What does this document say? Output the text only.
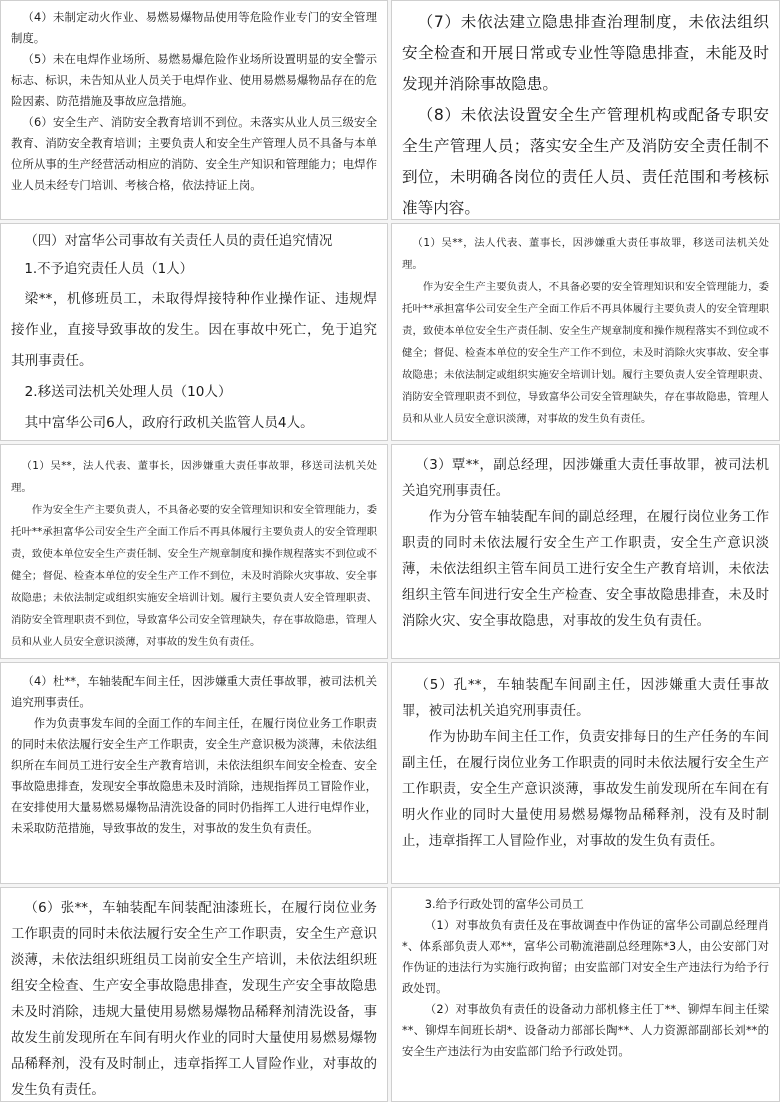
（4）未制定动火作业、易燃易爆物品使用等危险作业专门的安全管理制度。

（5）未在电焊作业场所、易燃易爆危险作业场所设置明显的安全警示标志、标识，未告知从业人员关于电焊作业、使用易燃易爆物品存在的危险因素、防范措施及事故应急措施。

（6）安全生产、消防安全教育培训不到位。未落实从业人员三级安全教育、消防安全教育培训；主要负责人和安全生产管理人员不具备与本单位所从事的生产经营活动相应的消防、安全生产知识和管理能力；电焊作业人员未经专门培训、考核合格，依法持证上岗。

（7）未依法建立隐患排查治理制度，未依法组织安全检查和开展日常或专业性等隐患排查，未能及时发现并消除事故隐患。

（8）未依法设置安全生产管理机构或配备专职安全生产管理人员；落实安全生产及消防安全责任制不到位，未明确各岗位的责任人员、责任范围和考核标准等内容。

（四）对富华公司事故有关责任人员的责任追究情况

1.不予追究责任人员（1人）

梁**，机修班员工，未取得焊接特种作业操作证、违规焊接作业，直接导致事故的发生。因在事故中死亡，免于追究其刑事责任。

2.移送司法机关处理人员（10人）

其中富华公司6人，政府行政机关监管人员4人。

（1）吴**，法人代表、董事长，因涉嫌重大责任事故罪，移送司法机关处理。

作为安全生产主要负责人，不具备必要的安全管理知识和安全管理能力，委托叶**承担富华公司安全生产全面工作后不再具体履行主要负责人的安全管理职责，致使本单位安全生产责任制、安全生产规章制度和操作规程落实不到位或不健全；督促、检查本单位的安全生产工作不到位，未及时消除火灾事故、安全事故隐患；未依法制定或组织实施安全培训计划。履行主要负责人安全管理职责、消防安全管理职责不到位，导致富华公司安全管理缺失，存在事故隐患，管理人员和从业人员安全意识淡薄，对事故的发生负有责任。

（1）吴**，法人代表、董事长，因涉嫌重大责任事故罪，移送司法机关处理。

作为安全生产主要负责人，不具备必要的安全管理知识和安全管理能力，委托叶**承担富华公司安全生产全面工作后不再具体履行主要负责人的安全管理职责，致使本单位安全生产责任制、安全生产规章制度和操作规程落实不到位或不健全；督促、检查本单位的安全生产工作不到位，未及时消除火灾事故、安全事故隐患；未依法制定或组织实施安全培训计划。履行主要负责人安全管理职责、消防安全管理职责不到位，导致富华公司安全管理缺失，存在事故隐患，管理人员和从业人员安全意识淡薄，对事故的发生负有责任。

（3）覃**，副总经理，因涉嫌重大责任事故罪，被司法机关追究刑事责任。

作为分管车轴装配车间的副总经理，在履行岗位业务工作职责的同时未依法履行安全生产工作职责，安全生产意识淡薄，未依法组织主管车间员工进行安全生产教育培训，未依法组织主管车间进行安全生产检查、安全事故隐患排查，未及时消除火灾、安全事故隐患，对事故的发生负有责任。

（4）杜**，车轴装配车间主任，因涉嫌重大责任事故罪，被司法机关追究刑事责任。

作为负责事发车间的全面工作的车间主任，在履行岗位业务工作职责的同时未依法履行安全生产工作职责，安全生产意识极为淡薄，未依法组织所在车间员工进行安全生产教育培训，未依法组织车间安全检查、安全事故隐患排查，发现安全事故隐患未及时消除，违规指挥员工冒险作业，在安排使用大量易燃易爆物品清洗设备的同时仍指挥工人进行电焊作业，未采取防范措施，导致事故的发生，对事故的发生负有责任。

（5）孔**，车轴装配车间副主任，因涉嫌重大责任事故罪，被司法机关追究刑事责任。

作为协助车间主任工作，负责安排每日的生产任务的车间副主任，在履行岗位业务工作职责的同时未依法履行安全生产工作职责，安全生产意识淡薄，事故发生前发现所在车间在有明火作业的同时大量使用易燃易爆物品稀释剂，没有及时制止，违章指挥工人冒险作业，对事故的发生负有责任。

（6）张**，车轴装配车间装配油漆班长，在履行岗位业务工作职责的同时未依法履行安全生产工作职责，安全生产意识淡薄，未依法组织班组员工岗前安全生产培训，未依法组织班组安全检查、生产安全事故隐患排查，发现生产安全事故隐患未及时消除，违规大量使用易燃易爆物品稀释剂清洗设备，事故发生前发现所在车间有明火作业的同时大量使用易燃易爆物品稀释剂，没有及时制止，违章指挥工人冒险作业，对事故的发生负有责任。

3.给予行政处罚的富华公司员工

（1）对事故负有责任及在事故调查中作伪证的富华公司副总经理肖*、体系部负责人邓**，富华公司勒流港副总经理陈*3人，由公安部门对作伪证的违法行为实施行政拘留；由安监部门对安全生产违法行为给予行政处罚。

（2）对事故负有责任的设备动力部机修主任丁**、铆焊车间主任梁**、铆焊车间班长胡*、设备动力部部长陶**、人力资源部副部长刘**的安全生产违法行为由安监部门给予行政处罚。
